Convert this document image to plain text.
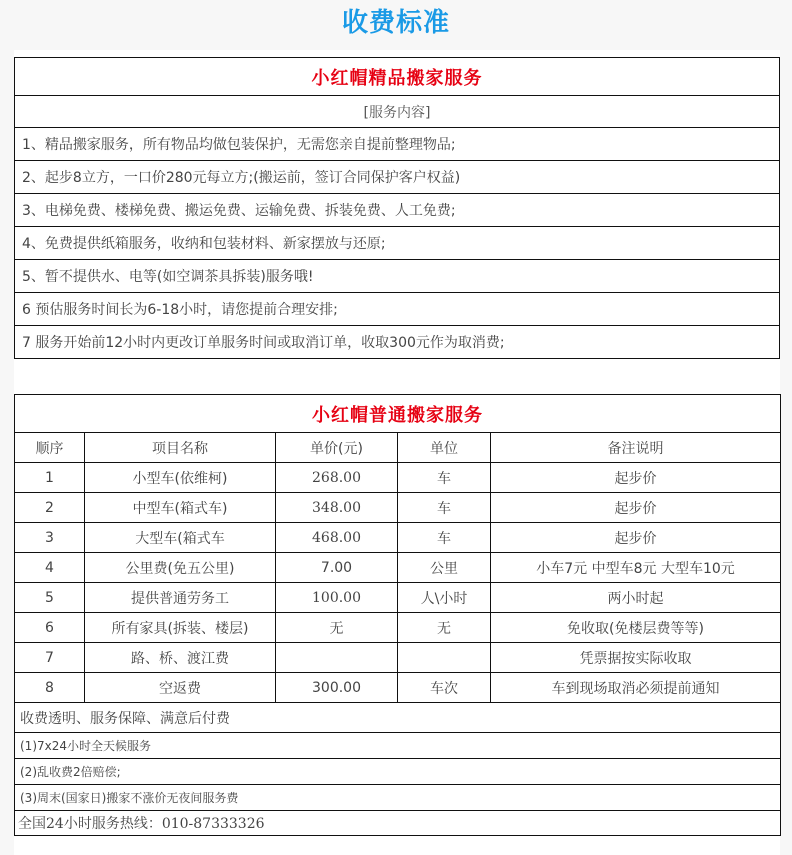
收费标准
小红帽精品搬家服务
[服务内容]
1、精品搬家服务，所有物品均做包装保护，无需您亲自提前整理物品;
2、起步8立方，一口价280元每立方;(搬运前，签订合同保护客户权益)
3、电梯免费、楼梯免费、搬运免费、运输免费、拆装免费、人工免费;
4、免费提供纸箱服务，收纳和包装材料、新家摆放与还原;
5、暂不提供水、电等(如空调茶具拆装)服务哦!
6 预估服务时间长为6-18小时，请您提前合理安排;
7 服务开始前12小时内更改订单服务时间或取消订单，收取300元作为取消费;
小红帽普通搬家服务				
顺序	项目名称	单价(元)	单位	备注说明
1	小型车(依维柯)	268.00	车	起步价
2	中型车(箱式车)	348.00	车	起步价
3	大型车(箱式车	468.00	车	起步价
4	公里费(免五公里)	7.00	公里	小车7元 中型车8元 大型车10元
5	提供普通劳务工	100.00	人\小时	两小时起
6	所有家具(拆装、楼层)	无	无	免收取(免楼层费等等)
7	路、桥、渡江费			凭票据按实际收取
8	空返费	300.00	车次	车到现场取消必须提前通知
收费透明、服务保障、满意后付费				
(1)7x24小时全天候服务				
(2)乱收费2倍赔偿;				
(3)周末(国家日)搬家不涨价无夜间服务费				
全国24小时服务热线：010-87333326				
